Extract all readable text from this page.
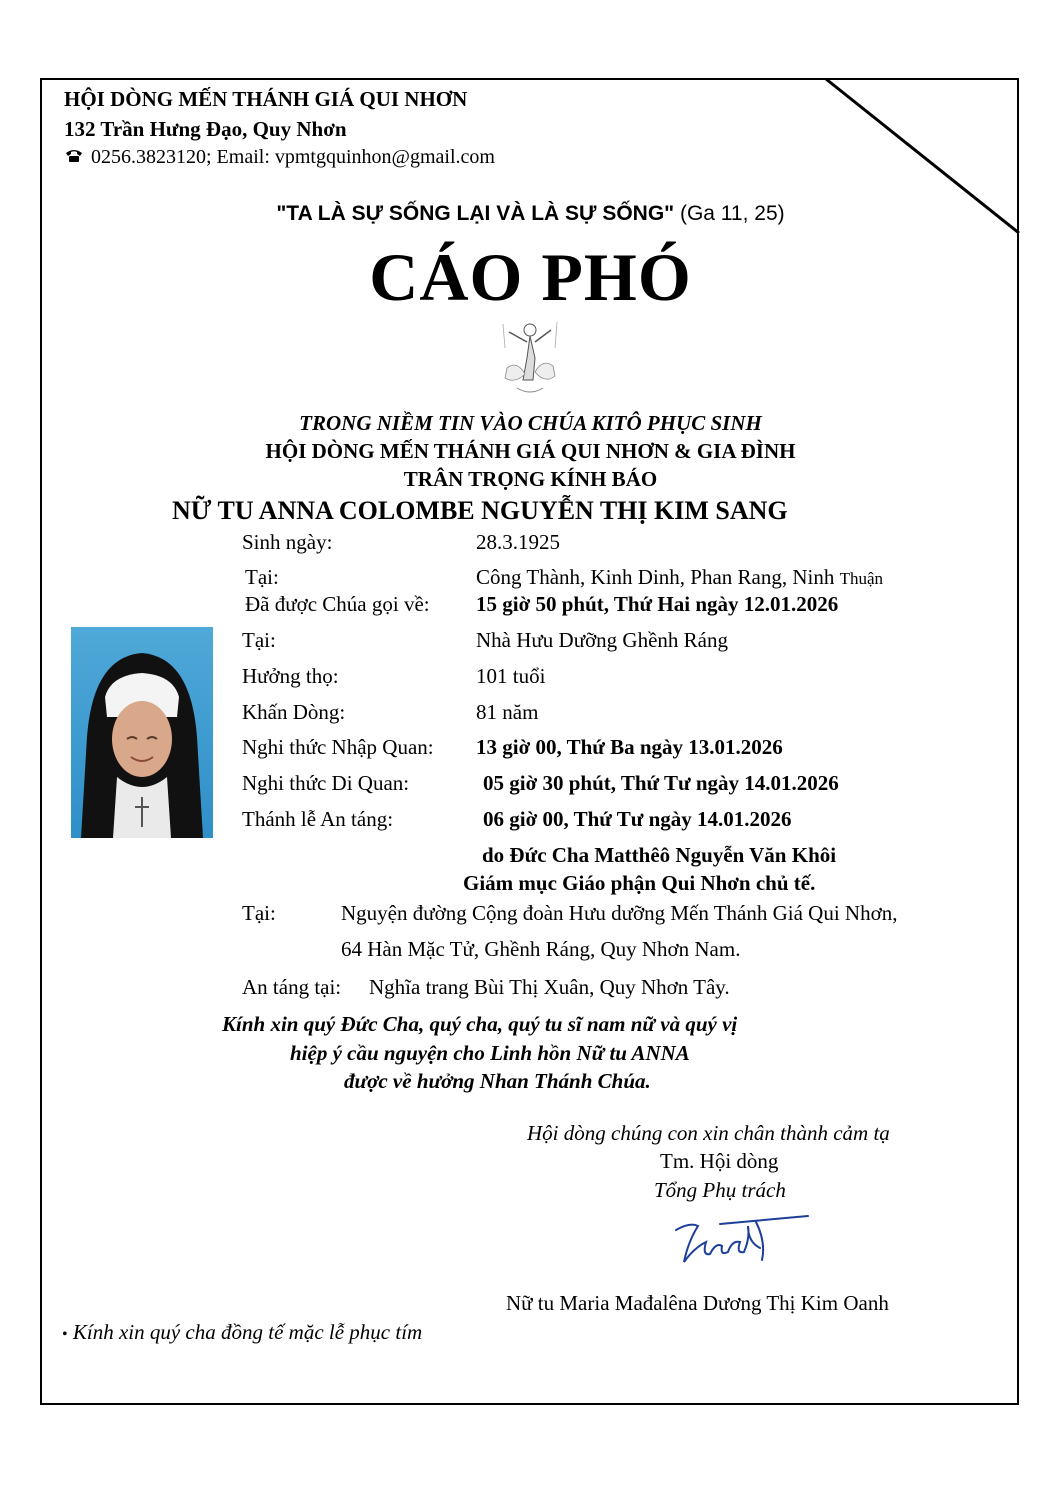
HỘI DÒNG MẾN THÁNH GIÁ QUI NHƠN
132 Trần Hưng Đạo, Quy Nhơn
0256.3823120; Email: vpmtgquinhon@gmail.com
"TA LÀ SỰ SỐNG LẠI VÀ LÀ SỰ SỐNG" (Ga 11, 25)
CÁO PHÓ
TRONG NIỀM TIN VÀO CHÚA KITÔ PHỤC SINH
HỘI DÒNG MẾN THÁNH GIÁ QUI NHƠN & GIA ĐÌNH
TRÂN TRỌNG KÍNH BÁO
NỮ TU ANNA COLOMBE NGUYỄN THỊ KIM SANG
Sinh ngày:	28.3.1925
Tại:	Công Thành, Kinh Dinh, Phan Rang, Ninh Thuận
Đã được Chúa gọi về: 15 giờ 50 phút, Thứ Hai ngày 12.01.2026
Tại:	Nhà Hưu Dưỡng Ghềnh Ráng
Hưởng thọ:	101 tuổi
Khấn Dòng:	81 năm
Nghi thức Nhập Quan: 13 giờ 00, Thứ Ba ngày 13.01.2026
Nghi thức Di Quan:	05 giờ 30 phút, Thứ Tư ngày 14.01.2026
Thánh lễ An táng:	06 giờ 00, Thứ Tư ngày 14.01.2026
do Đức Cha Matthêô Nguyễn Văn Khôi
Giám mục Giáo phận Qui Nhơn chủ tế.
Tại:	Nguyện đường Cộng đoàn Hưu dưỡng Mến Thánh Giá Qui Nhơn,
64 Hàn Mặc Tử, Ghềnh Ráng, Quy Nhơn Nam.
An táng tại: Nghĩa trang Bùi Thị Xuân, Quy Nhơn Tây.
Kính xin quý Đức Cha, quý cha, quý tu sĩ nam nữ và quý vị
hiệp ý cầu nguyện cho Linh hồn Nữ tu ANNA
được về hưởng Nhan Thánh Chúa.
Hội dòng chúng con xin chân thành cảm tạ
Tm. Hội dòng
Tổng Phụ trách
Nữ tu Maria Mađalêna Dương Thị Kim Oanh
• Kính xin quý cha đồng tế mặc lễ phục tím
